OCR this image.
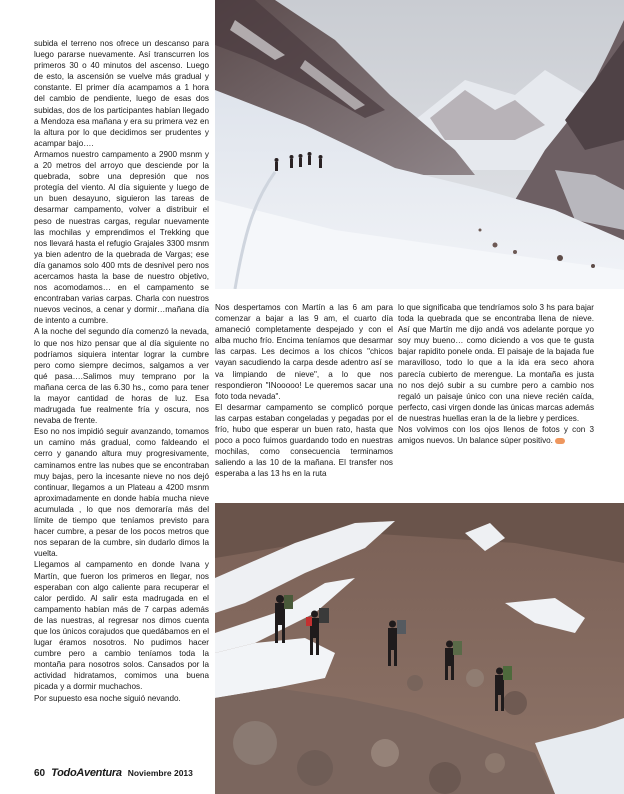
subida el terreno nos ofrece un descanso para luego pararse nuevamente. Así transcurren los primeros 30 o 40 minutos del ascenso. Luego de esto, la ascensión se vuelve más gradual y constante. El primer día acampamos a 1 hora del cambio de pendiente, luego de esas dos subidas, dos de los participantes habían llegado a Mendoza esa mañana y era su primera vez en la altura por lo que decidimos ser prudentes y acampar bajo….

Armamos nuestro campamento a 2900 msnm y a 20 metros del arroyo que desciende por la quebrada, sobre una depresión que nos protegía del viento. Al día siguiente y luego de un buen desayuno, siguieron las tareas de desarmar campamento, volver a distribuir el peso de nuestras cargas, regular nuevamente las mochilas y emprendimos el Trekking que nos llevará hasta el refugio Grajales 3300 msnm ya bien adentro de la quebrada de Vargas; ese día ganamos solo 400 mts de desnivel pero nos acercamos hasta la base de nuestro objetivo, nos acomodamos… en el campamento se encontraban varias carpas. Charla con nuestros nuevos vecinos, a cenar y dormir…mañana día de intento a cumbre.

A la noche del segundo día comenzó la nevada, lo que nos hizo pensar que al día siguiente no podríamos siquiera intentar lograr la cumbre pero como siempre decimos, salgamos a ver qué pasa….Salimos muy temprano por la mañana cerca de las 6.30 hs., como para tener la mayor cantidad de horas de luz. Esa madrugada fue realmente fría y oscura, nos nevaba de frente.

Eso no nos impidió seguir avanzando, tomamos un camino más gradual, como faldeando el cerro y ganando altura muy progresivamente, caminamos entre las nubes que se encontraban muy bajas, pero la incesante nieve no nos dejó continuar, llegamos a un Plateau a 4200 msnm aproximadamente en donde había mucha nieve acumulada , lo que nos demoraría más del límite de tiempo que teníamos previsto para hacer cumbre, a pesar de los pocos metros que nos separan de la cumbre, sin dudarlo dimos la vuelta.

Llegamos al campamento en donde Ivana y Martín, que fueron los primeros en llegar, nos esperaban con algo caliente para recuperar el calor perdido. Al salir esta madrugada en el campamento habían más de 7 carpas además de las nuestras, al regresar nos dimos cuenta que los únicos corajudos que quedábamos en el lugar éramos nosotros. No pudimos hacer cumbre pero a cambio teníamos toda la montaña para nosotros solos. Cansados por la actividad hidratamos, comimos una buena picada y a dormir muchachos.

Por supuesto esa noche siguió nevando.

Nos despertamos con Martín a las 6 am para comenzar a bajar a las 9 am, el cuarto día amaneció completamente despejado y con el alba mucho frío. Encima teníamos que desarmar las carpas. Les decimos a los chicos "chicos vayan sacudiendo la carpa desde adentro así se va limpiando de nieve", a lo que nos respondieron "INooooo! Le queremos sacar una foto toda nevada".

El desarmar campamento se complicó porque las carpas estaban congeladas y pegadas por el frío, hubo que esperar un buen rato, hasta que poco a poco fuimos guardando todo en nuestras mochilas, como consecuencia terminamos saliendo a las 10 de la mañana. El transfer nos esperaba a las 13 hs en la ruta

lo que significaba que tendríamos solo 3 hs para bajar toda la quebrada que se encontraba llena de nieve. Así que Martín me dijo andá vos adelante porque yo soy muy bueno… como diciendo a vos que te gusta bajar rapidito ponele onda. El paisaje de la bajada fue maravilloso, todo lo que a la ida era seco ahora parecía cubierto de merengue. La montaña es justa no nos dejó subir a su cumbre pero a cambio nos regaló un paisaje único con una nieve recién caída, perfecto, casi virgen donde las únicas marcas además de nuestras huellas eran la de la liebre y perdices.

Nos volvimos con los ojos llenos de fotos y con 3 amigos nuevos. Un balance súper positivo.

60 TodoAventura Noviembre 2013
